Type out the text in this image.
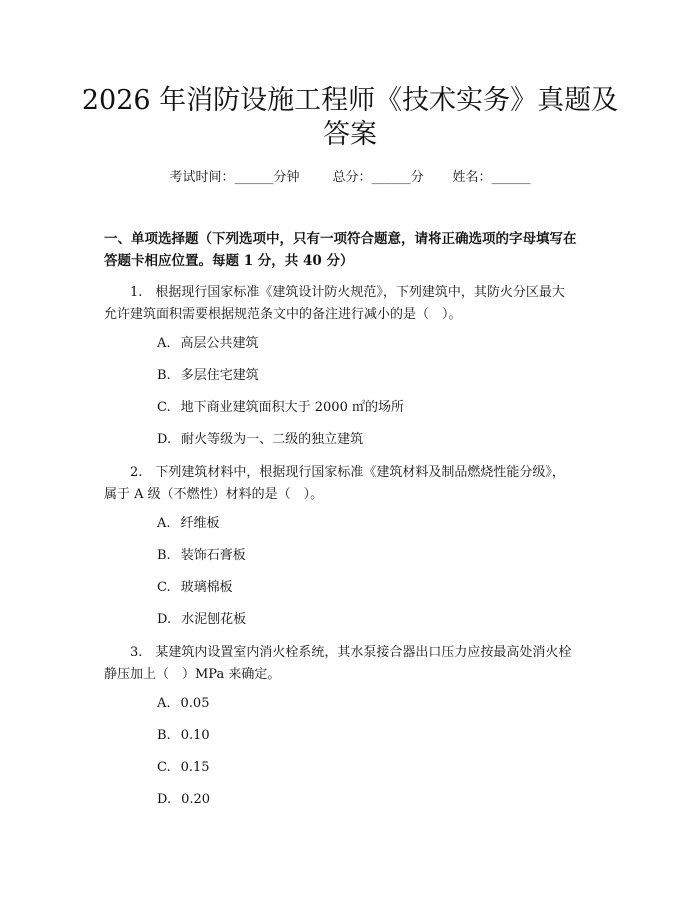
2026 年消防设施工程师《技术实务》真题及
答案
考试时间：______分钟	总分：______分 姓名：______

一、单项选择题（下列选项中，只有一项符合题意，请将正确选项的字母填写在

答题卡相应位置。每题 1 分，共 40 分）

1.　根据现行国家标准《建筑设计防火规范》，下列建筑中，其防火分区最大

允许建筑面积需要根据规范条文中的备注进行减小的是（　）。

A. 高层公共建筑
B. 多层住宅建筑
C. 地下商业建筑面积大于 2000 ㎡的场所
D. 耐火等级为一、二级的独立建筑

2.　下列建筑材料中，根据现行国家标准《建筑材料及制品燃烧性能分级》，

属于 A 级（不燃性）材料的是（　）。

A. 纤维板
B. 装饰石膏板
C. 玻璃棉板
D. 水泥刨花板

3.　某建筑内设置室内消火栓系统，其水泵接合器出口压力应按最高处消火栓

静压加上（　）MPa 来确定。

A. 0.05
B. 0.10
C. 0.15
D. 0.20
